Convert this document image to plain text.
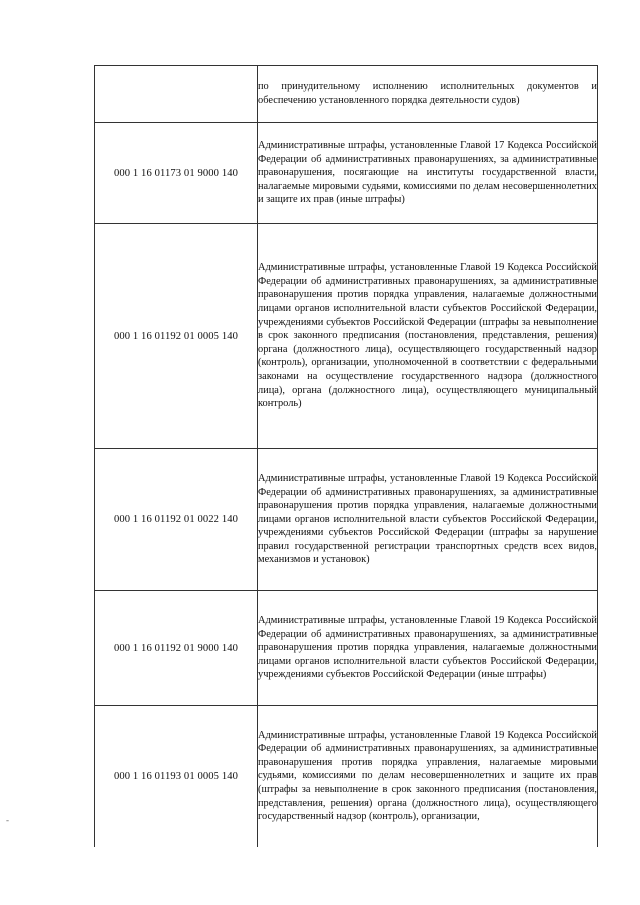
	по принудительному исполнению исполнительных документов и обеспечению установленного порядка деятельности судов)
000 1 16 01173 01 9000 140	Административные штрафы, установленные Главой 17 Кодекса Российской Федерации об административных правонарушениях, за административные правонарушения, посягающие на институты государственной власти, налагаемые мировыми судьями, комиссиями по делам несовершеннолетних и защите их прав (иные штрафы)
000 1 16 01192 01 0005 140	Административные штрафы, установленные Главой 19 Кодекса Российской Федерации об административных правонарушениях, за административные правонарушения против порядка управления, налагаемые должностными лицами органов исполнительной власти субъектов Российской Федерации, учреждениями субъектов Российской Федерации (штрафы за невыполнение в срок законного предписания (постановления, представления, решения) органа (должностного лица), осуществляющего государственный надзор (контроль), организации, уполномоченной в соответствии с федеральными законами на осуществление государственного надзора (должностного лица), органа (должностного лица), осуществляющего муниципальный контроль)
000 1 16 01192 01 0022 140	Административные штрафы, установленные Главой 19 Кодекса Российской Федерации об административных правонарушениях, за административные правонарушения против порядка управления, налагаемые должностными лицами органов исполнительной власти субъектов Российской Федерации, учреждениями субъектов Российской Федерации (штрафы за нарушение правил государственной регистрации транспортных средств всех видов, механизмов и установок)
000 1 16 01192 01 9000 140	Административные штрафы, установленные Главой 19 Кодекса Российской Федерации об административных правонарушениях, за административные правонарушения против порядка управления, налагаемые должностными лицами органов исполнительной власти субъектов Российской Федерации, учреждениями субъектов Российской Федерации (иные штрафы)
000 1 16 01193 01 0005 140	Административные штрафы, установленные Главой 19 Кодекса Российской Федерации об административных правонарушениях, за административные правонарушения против порядка управления, налагаемые мировыми судьями, комиссиями по делам несовершеннолетних и защите их прав (штрафы за невыполнение в срок законного предписания (постановления, представления, решения) органа (должностного лица), осуществляющего государственный надзор (контроль), организации,
-
